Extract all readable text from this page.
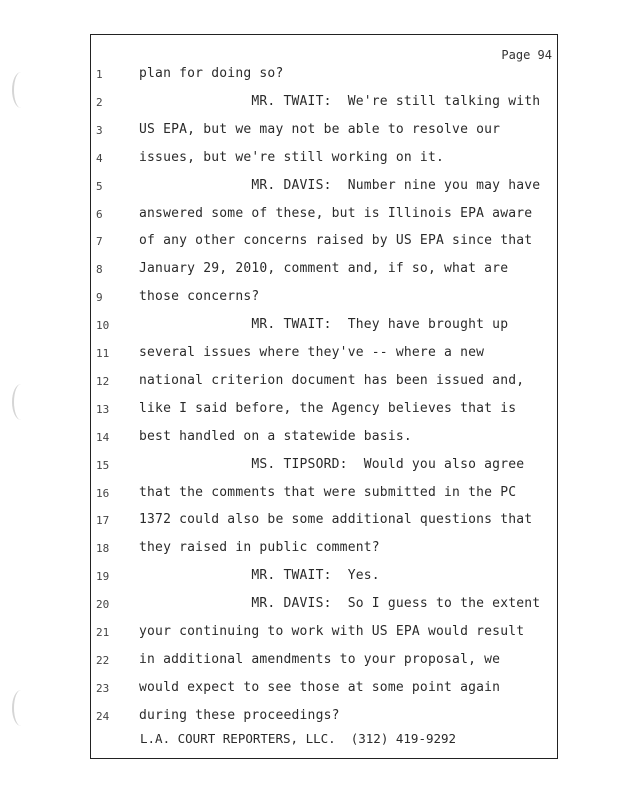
Page 94
1	plan for doing so?
2	MR. TWAIT:  We're still talking with
3	US EPA, but we may not be able to resolve our
4	issues, but we're still working on it.
5	MR. DAVIS:  Number nine you may have
6	answered some of these, but is Illinois EPA aware
7	of any other concerns raised by US EPA since that
8	January 29, 2010, comment and, if so, what are
9	those concerns?
10	MR. TWAIT:  They have brought up
11	several issues where they've -- where a new
12	national criterion document has been issued and,
13	like I said before, the Agency believes that is
14	best handled on a statewide basis.
15	MS. TIPSORD:  Would you also agree
16	that the comments that were submitted in the PC
17	1372 could also be some additional questions that
18	they raised in public comment?
19	MR. TWAIT:  Yes.
20	MR. DAVIS:  So I guess to the extent
21	your continuing to work with US EPA would result
22	in additional amendments to your proposal, we
23	would expect to see those at some point again
24	during these proceedings?
L.A. COURT REPORTERS, LLC.  (312) 419-9292
